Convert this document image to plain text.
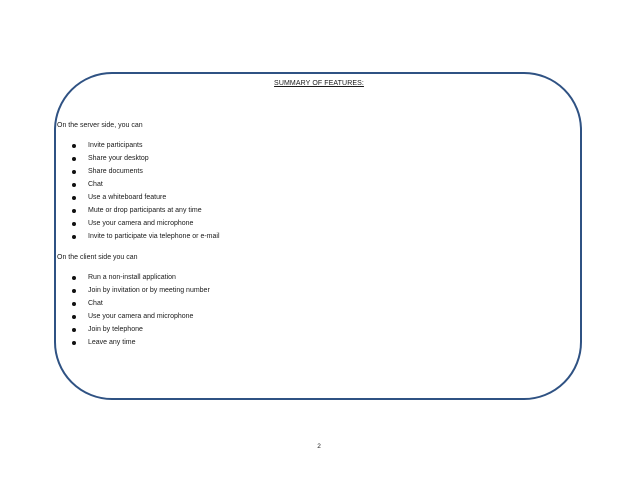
SUMMARY OF FEATURES:
On the server side, you can
Invite participants
Share your desktop
Share documents
Chat
Use a whiteboard feature
Mute or drop participants at any time
Use your camera and microphone
Invite to participate via telephone or e-mail
On the client side you can
Run a non-install application
Join by invitation or by meeting number
Chat
Use your camera and microphone
Join by telephone
Leave any time
2
